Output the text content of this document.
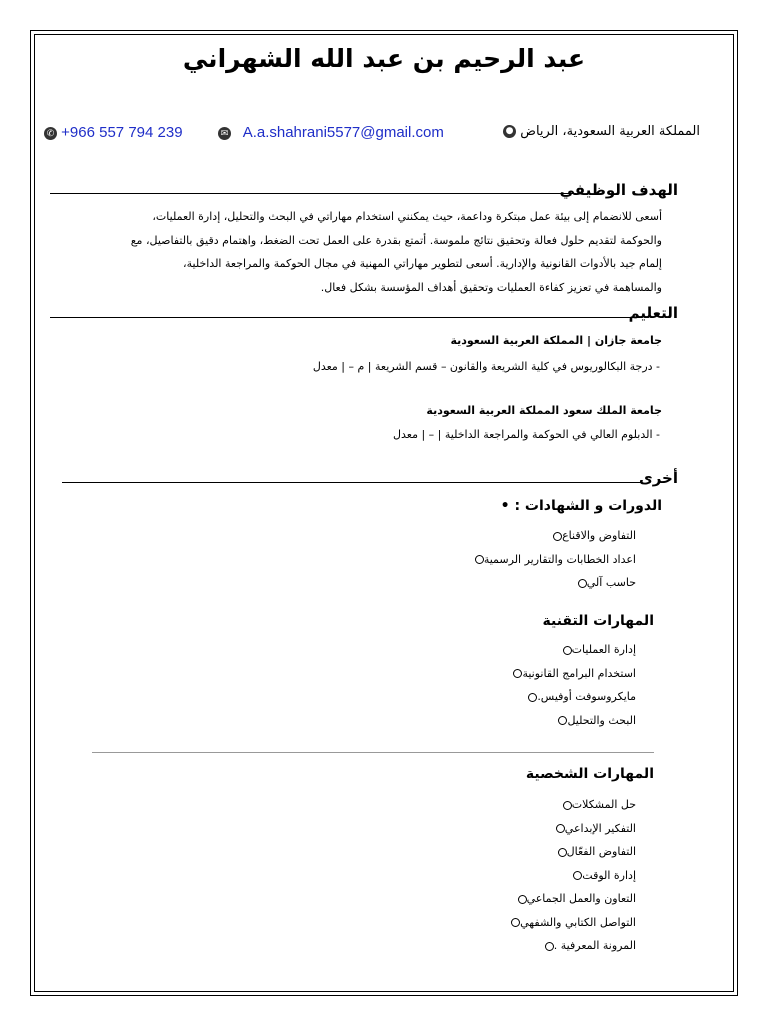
عبد الرحيم بن عبد الله الشهراني
✆ +966 557 794 239	✉ A.a.shahrani5577@gmail.com	المملكة العربية السعودية، الرياض ●
الهدف الوظيفي
أسعى للانضمام إلى بيئة عمل مبتكرة وداعمة، حيث يمكنني استخدام مهاراتي في البحث والتحليل، إدارة العمليات،
والحوكمة لتقديم حلول فعالة وتحقيق نتائج ملموسة. أتمتع بقدرة على العمل تحت الضغط، واهتمام دقيق بالتفاصيل، مع
إلمام جيد بالأدوات القانونية والإدارية. أسعى لتطوير مهاراتي المهنية في مجال الحوكمة والمراجعة الداخلية،
والمساهمة في تعزيز كفاءة العمليات وتحقيق أهداف المؤسسة بشكل فعال.
التعليم
جامعة جازان | المملكة العربية السعودية
- درجة البكالوريوس في كلية الشريعة والقانون – قسم الشريعة | م – | معدل
جامعة الملك سعود المملكة العربية السعودية
- الدبلوم العالي في الحوكمة والمراجعة الداخلية | – | معدل
أخرى
الدورات و الشهادات : •
التفاوض والاقناع
اعداد الخطابات والتقارير الرسمية
حاسب آلي
المهارات التقنية
إدارة العمليات
استخدام البرامج القانونية
مايكروسوفت أوفيس.
البحث والتحليل
المهارات الشخصية
حل المشكلات
التفكير الإبداعي
التفاوض الفعّال
إدارة الوقت
التعاون والعمل الجماعي
التواصل الكتابي والشفهي
المرونة المعرفية .
